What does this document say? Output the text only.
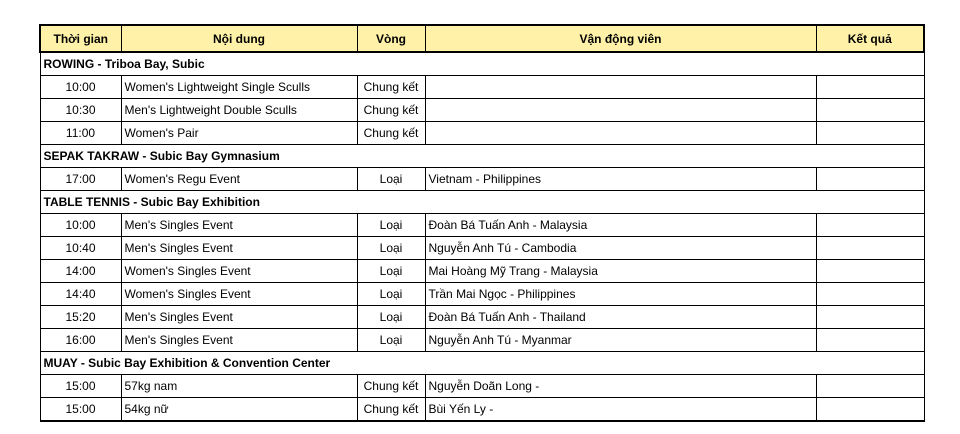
Thời gian	Nội dung	Vòng	Vận động viên	Kết quả
ROWING - Triboa Bay, Subic				
10:00	Women's Lightweight Single Sculls	Chung kết		
10:30	Men's Lightweight Double Sculls	Chung kết		
11:00	Women's Pair	Chung kết		
SEPAK TAKRAW - Subic Bay Gymnasium				
17:00	Women's Regu Event	Loại	Vietnam - Philippines	
TABLE TENNIS - Subic Bay Exhibition				
10:00	Men's Singles Event	Loại	Đoàn Bá Tuấn Anh - Malaysia	
10:40	Men's Singles Event	Loại	Nguyễn Anh Tú - Cambodia	
14:00	Women's Singles Event	Loại	Mai Hoàng Mỹ Trang - Malaysia	
14:40	Women's Singles Event	Loại	Trần Mai Ngọc - Philippines	
15:20	Men's Singles Event	Loại	Đoàn Bá Tuấn Anh - Thailand	
16:00	Men's Singles Event	Loại	Nguyễn Anh Tú - Myanmar	
MUAY - Subic Bay Exhibition & Convention Center				
15:00	57kg nam	Chung kết	Nguyễn Doãn Long -	
15:00	54kg nữ	Chung kết	Bùi Yến Ly -	
